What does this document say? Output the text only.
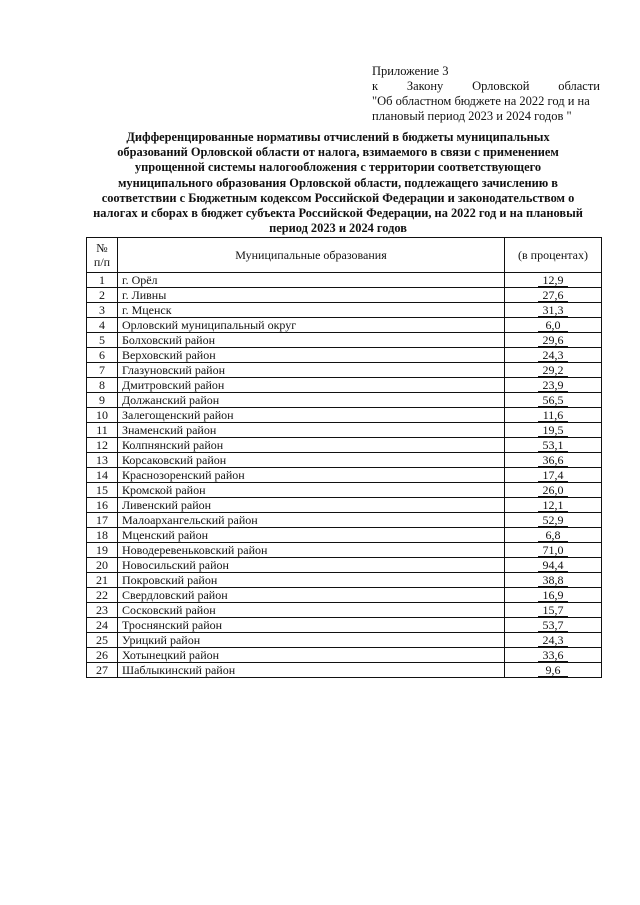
Приложение 3
к Закону Орловской области
"Об областном бюджете на 2022 год и на
плановый период 2023 и 2024 годов "
Дифференцированные нормативы отчислений в бюджеты муниципальных образований Орловской области от налога, взимаемого в связи с применением упрощенной системы налогообложения с территории соответствующего муниципального образования Орловской области, подлежащего зачислению в соответствии с Бюджетным кодексом Российской Федерации и законодательством о налогах и сборах в бюджет субъекта Российской Федерации, на 2022 год и на плановый период 2023 и 2024 годов
№
п/п	Муниципальные образования	(в процентах)
1	г. Орёл	12,9
2	г. Ливны	27,6
3	г. Мценск	31,3
4	Орловский муниципальный округ	6,0
5	Болховский район	29,6
6	Верховский район	24,3
7	Глазуновский район	29,2
8	Дмитровский район	23,9
9	Должанский район	56,5
10	Залегощенский район	11,6
11	Знаменский район	19,5
12	Колпнянский район	53,1
13	Корсаковский район	36,6
14	Краснозоренский район	17,4
15	Кромской район	26,0
16	Ливенский район	12,1
17	Малоархангельский район	52,9
18	Мценский район	6,8
19	Новодеревеньковский район	71,0
20	Новосильский район	94,4
21	Покровский район	38,8
22	Свердловский район	16,9
23	Сосковский район	15,7
24	Троснянский район	53,7
25	Урицкий район	24,3
26	Хотынецкий район	33,6
27	Шаблыкинский район	9,6
